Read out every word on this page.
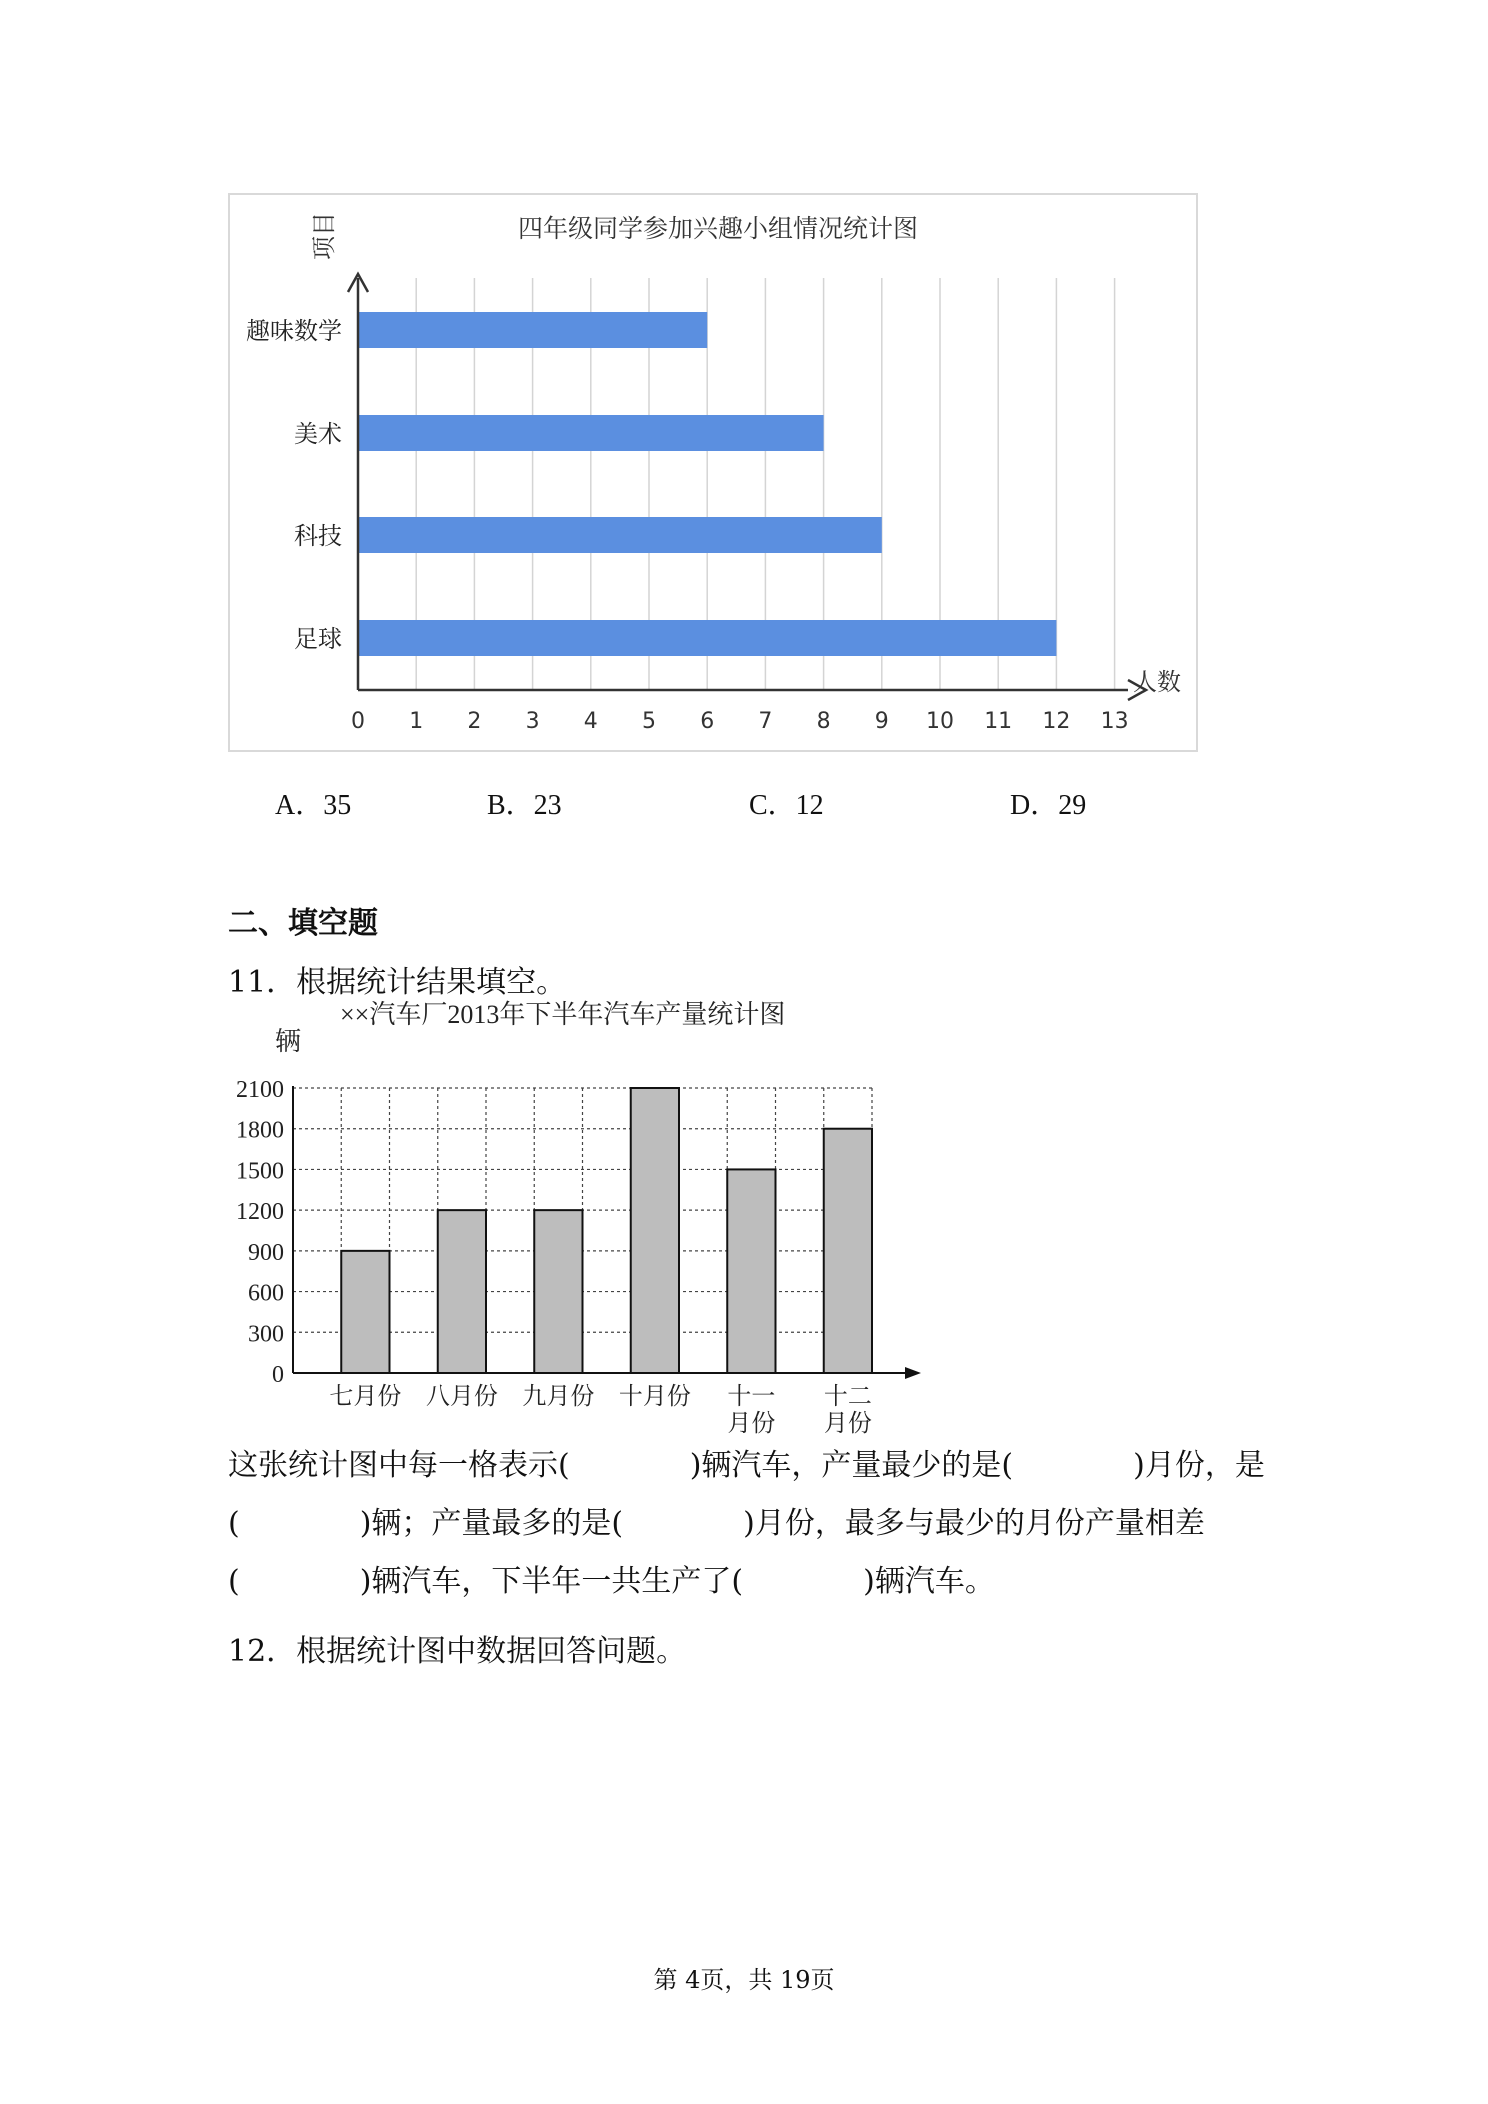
0 1 2 3 4 5 6 7 8 9 10 11 12 13
趣味数学
美术
科技
足球
四年级同学参加兴趣小组情况统计图
项目
人数
A．35	B．23	C．12	D．29
二、填空题
11．根据统计结果填空。
0
300
600
900
1200
1500
1800
2100
七月份 八月份 九月份 十月份 十一
月份
十二
月份
××汽车厂2013年下半年汽车产量统计图
辆
这张统计图中每一格表示(　　　　)辆汽车，产量最少的是(　　　　)月份，是
(　　　　)辆；产量最多的是(　　　　)月份，最多与最少的月份产量相差
(　　　　)辆汽车，下半年一共生产了(　　　　)辆汽车。
12．根据统计图中数据回答问题。
第 4页，共 19页
